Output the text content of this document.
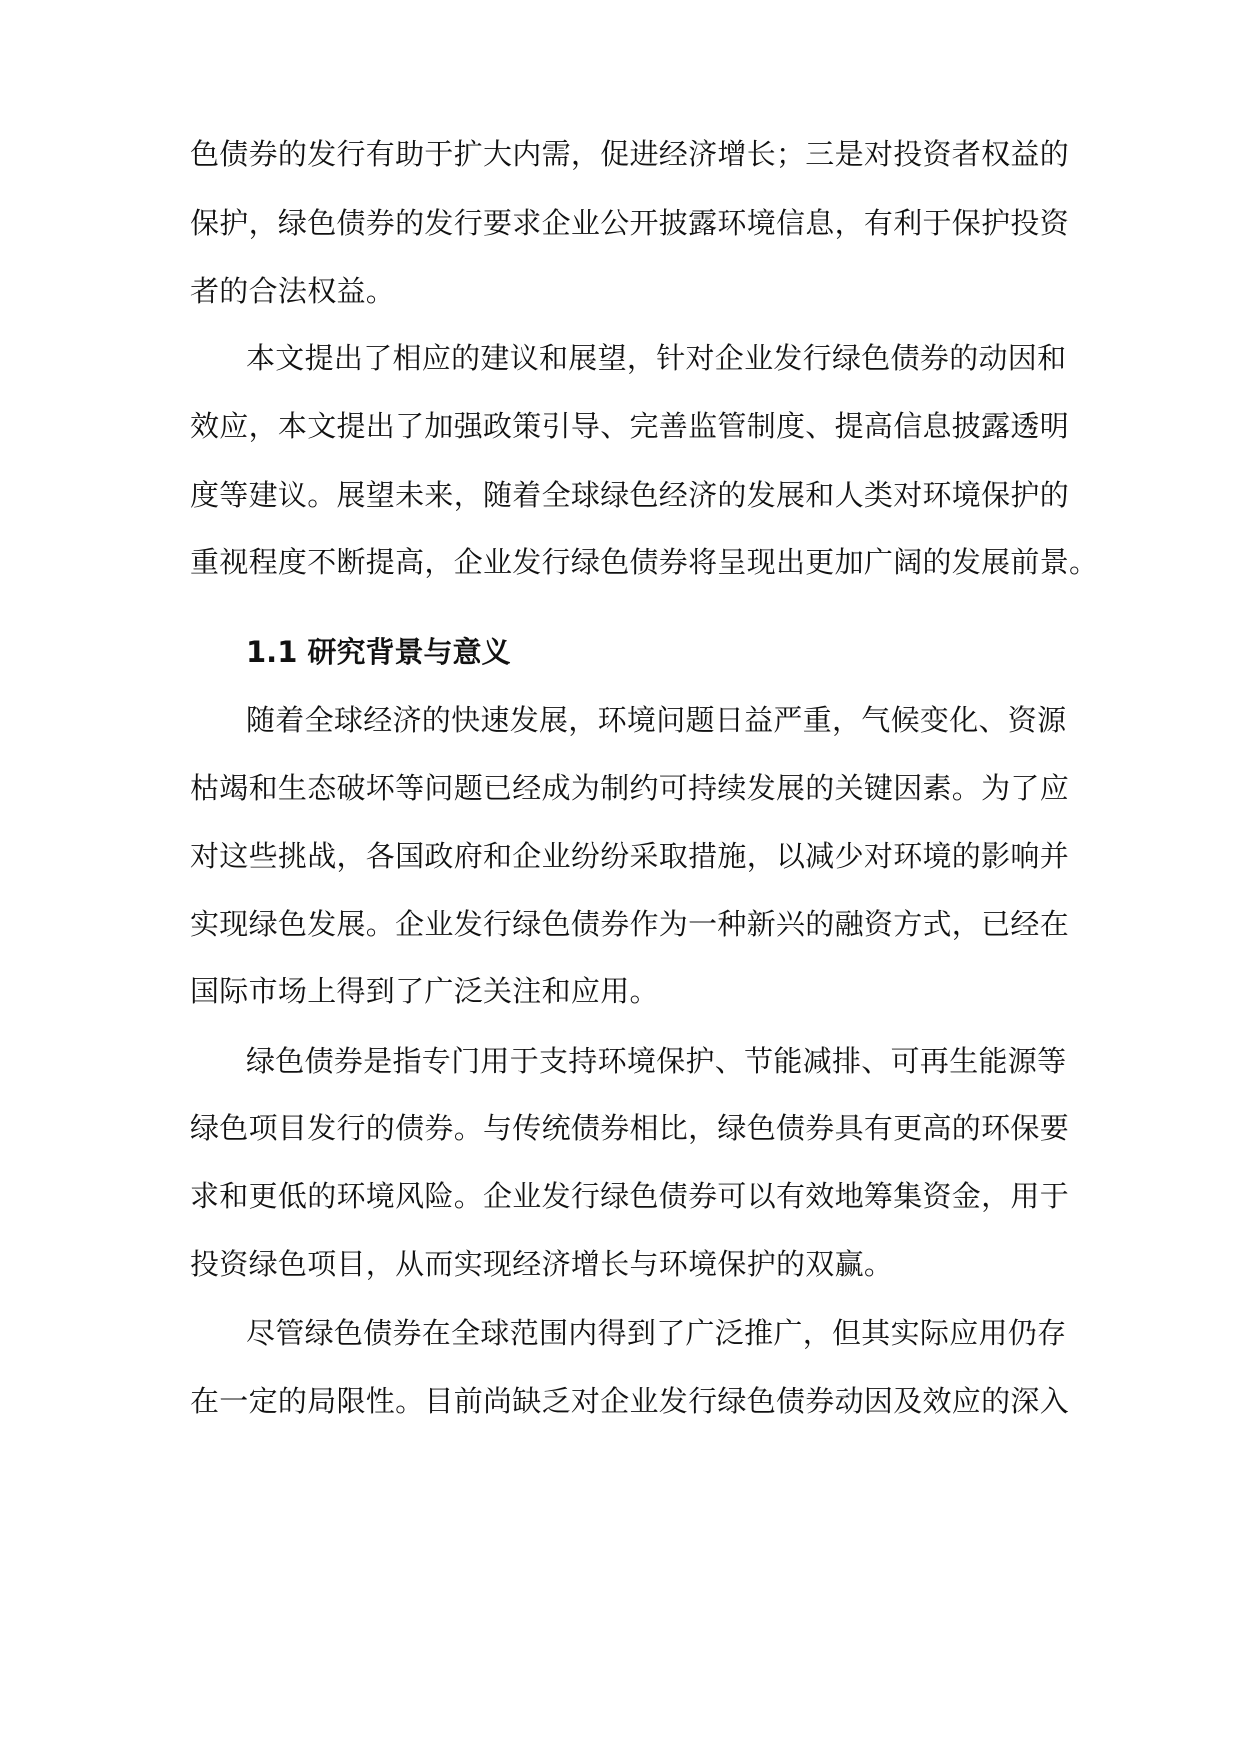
色债券的发行有助于扩大内需，促进经济增长；三是对投资者权益的
保护，绿色债券的发行要求企业公开披露环境信息，有利于保护投资
者的合法权益。
本文提出了相应的建议和展望，针对企业发行绿色债券的动因和
效应，本文提出了加强政策引导、完善监管制度、提高信息披露透明
度等建议。展望未来，随着全球绿色经济的发展和人类对环境保护的
重视程度不断提高，企业发行绿色债券将呈现出更加广阔的发展前景。
1.1 研究背景与意义
随着全球经济的快速发展，环境问题日益严重，气候变化、资源
枯竭和生态破坏等问题已经成为制约可持续发展的关键因素。为了应
对这些挑战，各国政府和企业纷纷采取措施，以减少对环境的影响并
实现绿色发展。企业发行绿色债券作为一种新兴的融资方式，已经在
国际市场上得到了广泛关注和应用。
绿色债券是指专门用于支持环境保护、节能减排、可再生能源等
绿色项目发行的债券。与传统债券相比，绿色债券具有更高的环保要
求和更低的环境风险。企业发行绿色债券可以有效地筹集资金，用于
投资绿色项目，从而实现经济增长与环境保护的双赢。
尽管绿色债券在全球范围内得到了广泛推广，但其实际应用仍存
在一定的局限性。目前尚缺乏对企业发行绿色债券动因及效应的深入
